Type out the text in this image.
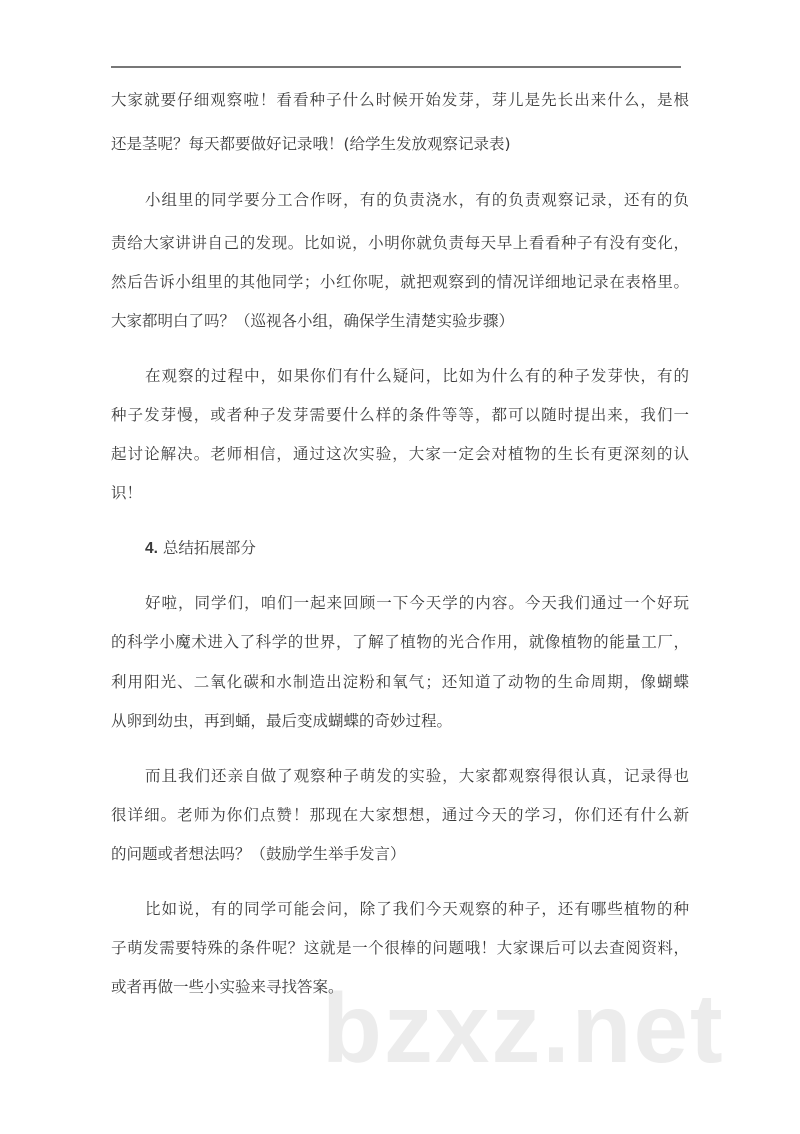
大家就要仔细观察啦！看看种子什么时候开始发芽，芽儿是先长出来什么，是根
还是茎呢？每天都要做好记录哦！(给学生发放观察记录表)
小组里的同学要分工合作呀，有的负责浇水，有的负责观察记录，还有的负
责给大家讲讲自己的发现。比如说，小明你就负责每天早上看看种子有没有变化，
然后告诉小组里的其他同学；小红你呢，就把观察到的情况详细地记录在表格里。
大家都明白了吗？（巡视各小组，确保学生清楚实验步骤）
在观察的过程中，如果你们有什么疑问，比如为什么有的种子发芽快，有的
种子发芽慢，或者种子发芽需要什么样的条件等等，都可以随时提出来，我们一
起讨论解决。老师相信，通过这次实验，大家一定会对植物的生长有更深刻的认
识！
4. 总结拓展部分
好啦，同学们，咱们一起来回顾一下今天学的内容。今天我们通过一个好玩
的科学小魔术进入了科学的世界，了解了植物的光合作用，就像植物的能量工厂，
利用阳光、二氧化碳和水制造出淀粉和氧气；还知道了动物的生命周期，像蝴蝶
从卵到幼虫，再到蛹，最后变成蝴蝶的奇妙过程。
而且我们还亲自做了观察种子萌发的实验，大家都观察得很认真，记录得也
很详细。老师为你们点赞！那现在大家想想，通过今天的学习，你们还有什么新
的问题或者想法吗？（鼓励学生举手发言）
bzxz.net
比如说，有的同学可能会问，除了我们今天观察的种子，还有哪些植物的种
子萌发需要特殊的条件呢？这就是一个很棒的问题哦！大家课后可以去查阅资料，
或者再做一些小实验来寻找答案。
